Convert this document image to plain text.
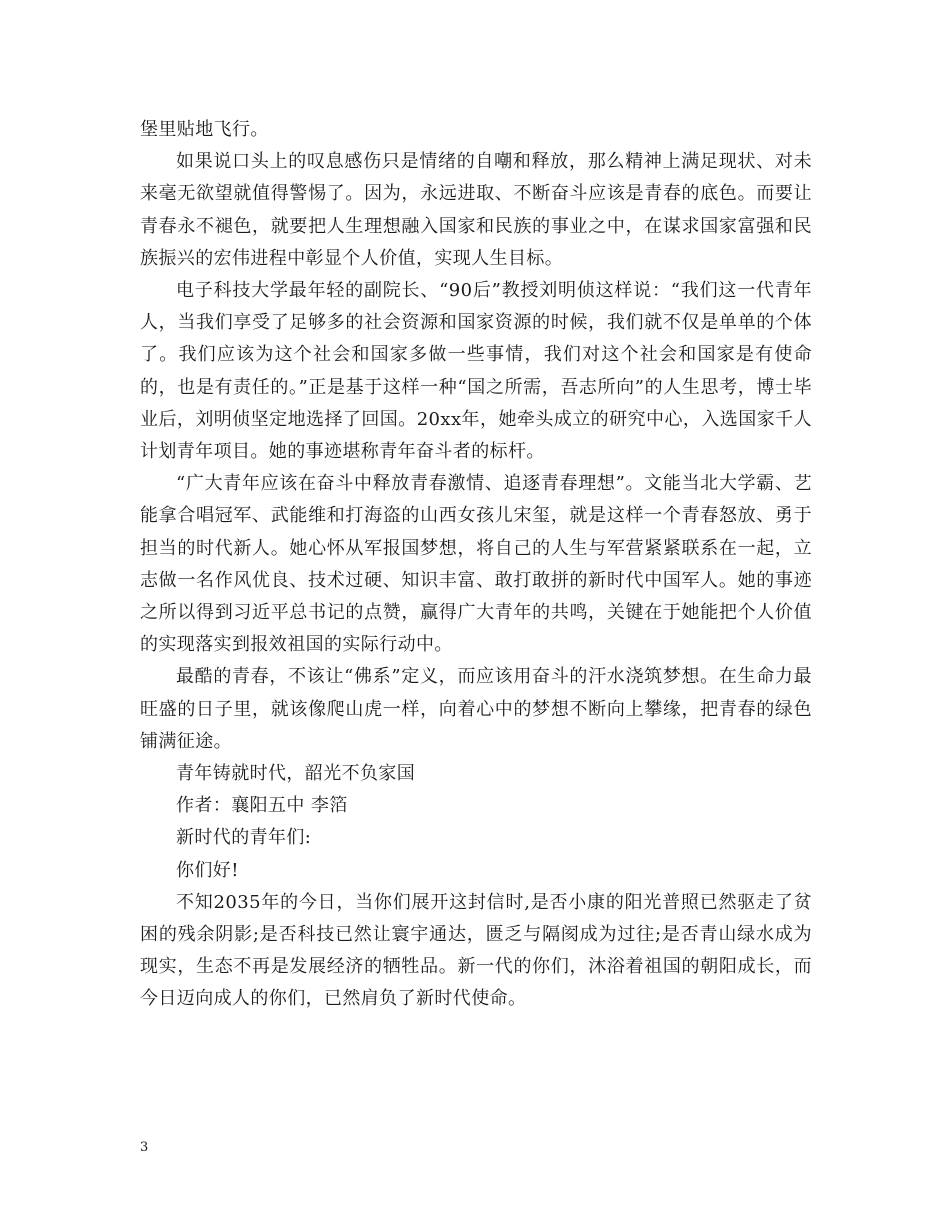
堡里贴地飞行。

如果说口头上的叹息感伤只是情绪的自嘲和释放，那么精神上满足现状、对未来毫无欲望就值得警惕了。因为，永远进取、不断奋斗应该是青春的底色。而要让青春永不褪色，就要把人生理想融入国家和民族的事业之中，在谋求国家富强和民族振兴的宏伟进程中彰显个人价值，实现人生目标。

电子科技大学最年轻的副院长、“90后”教授刘明侦这样说：“我们这一代青年人，当我们享受了足够多的社会资源和国家资源的时候，我们就不仅是单单的个体了。我们应该为这个社会和国家多做一些事情，我们对这个社会和国家是有使命的，也是有责任的。”正是基于这样一种“国之所需，吾志所向”的人生思考，博士毕业后，刘明侦坚定地选择了回国。20xx年，她牵头成立的研究中心，入选国家千人计划青年项目。她的事迹堪称青年奋斗者的标杆。

“广大青年应该在奋斗中释放青春激情、追逐青春理想”。文能当北大学霸、艺能拿合唱冠军、武能维和打海盗的山西女孩儿宋玺，就是这样一个青春怒放、勇于担当的时代新人。她心怀从军报国梦想，将自己的人生与军营紧紧联系在一起，立志做一名作风优良、技术过硬、知识丰富、敢打敢拼的新时代中国军人。她的事迹之所以得到习近平总书记的点赞，赢得广大青年的共鸣，关键在于她能把个人价值的实现落实到报效祖国的实际行动中。

最酷的青春，不该让“佛系”定义，而应该用奋斗的汗水浇筑梦想。在生命力最旺盛的日子里，就该像爬山虎一样，向着心中的梦想不断向上攀缘，把青春的绿色铺满征途。

青年铸就时代，韶光不负家国

作者：襄阳五中 李箔

新时代的青年们:

你们好!

不知2035年的今日，当你们展开这封信时,是否小康的阳光普照已然驱走了贫困的残余阴影;是否科技已然让寰宇通达，匮乏与隔阂成为过往;是否青山绿水成为现实，生态不再是发展经济的牺牲品。新一代的你们，沐浴着祖国的朝阳成长，而今日迈向成人的你们，已然肩负了新时代使命。

3
